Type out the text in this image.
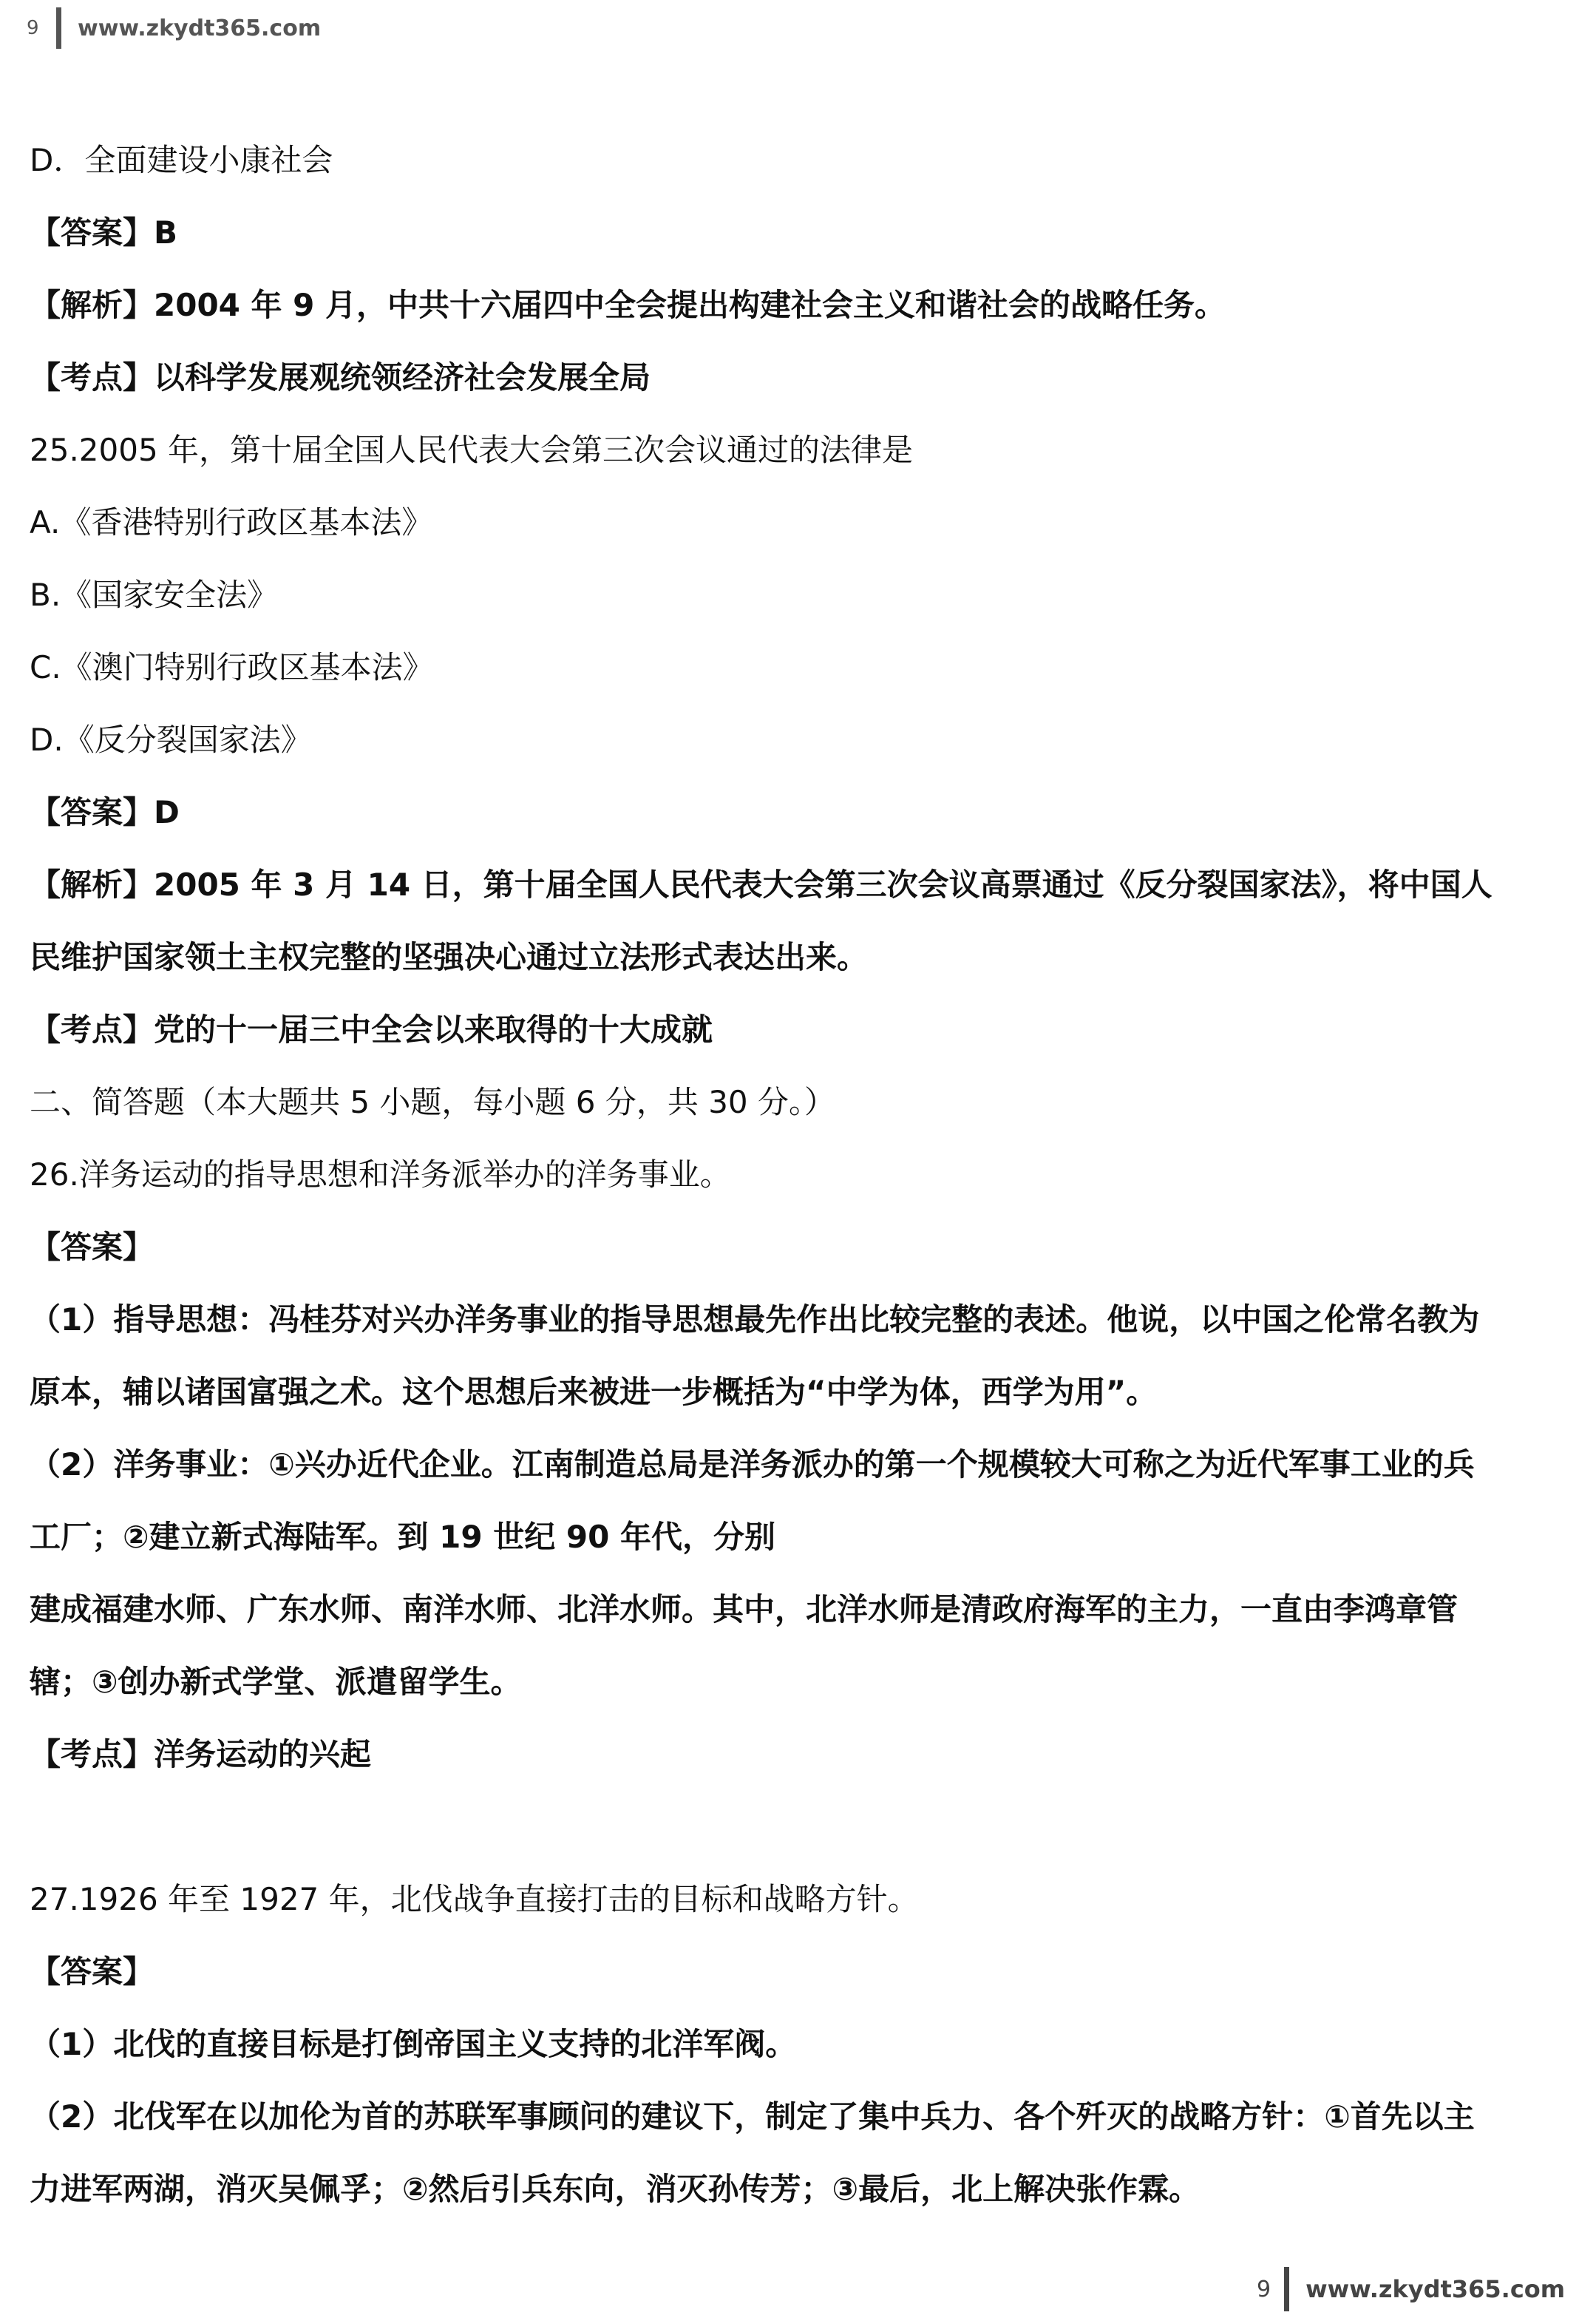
9	www.zkydt365.com
D．全面建设小康社会
【答案】B
【解析】2004 年 9 月，中共十六届四中全会提出构建社会主义和谐社会的战略任务。
【考点】以科学发展观统领经济社会发展全局
25.2005 年，第十届全国人民代表大会第三次会议通过的法律是
A.《香港特别行政区基本法》
B.《国家安全法》
C.《澳门特别行政区基本法》
D.《反分裂国家法》
【答案】D
【解析】2005 年 3 月 14 日，第十届全国人民代表大会第三次会议高票通过《反分裂国家法》，将中国人
民维护国家领土主权完整的坚强决心通过立法形式表达出来。
【考点】党的十一届三中全会以来取得的十大成就
二、简答题（本大题共 5 小题，每小题 6 分，共 30 分。）
26.洋务运动的指导思想和洋务派举办的洋务事业。
【答案】
（1）指导思想：冯桂芬对兴办洋务事业的指导思想最先作出比较完整的表述。他说，以中国之伦常名教为
原本，辅以诸国富强之术。这个思想后来被进一步概括为“中学为体，西学为用”。
（2）洋务事业：①兴办近代企业。江南制造总局是洋务派办的第一个规模较大可称之为近代军事工业的兵
工厂；②建立新式海陆军。到 19 世纪 90 年代，分别
建成福建水师、广东水师、南洋水师、北洋水师。其中，北洋水师是清政府海军的主力，一直由李鸿章管
辖；③创办新式学堂、派遣留学生。
【考点】洋务运动的兴起
27.1926 年至 1927 年，北伐战争直接打击的目标和战略方针。
【答案】
（1）北伐的直接目标是打倒帝国主义支持的北洋军阀。
（2）北伐军在以加伦为首的苏联军事顾问的建议下，制定了集中兵力、各个歼灭的战略方针：①首先以主
力进军两湖，消灭吴佩孚；②然后引兵东向，消灭孙传芳；③最后，北上解决张作霖。
9 www.zkydt365.com
